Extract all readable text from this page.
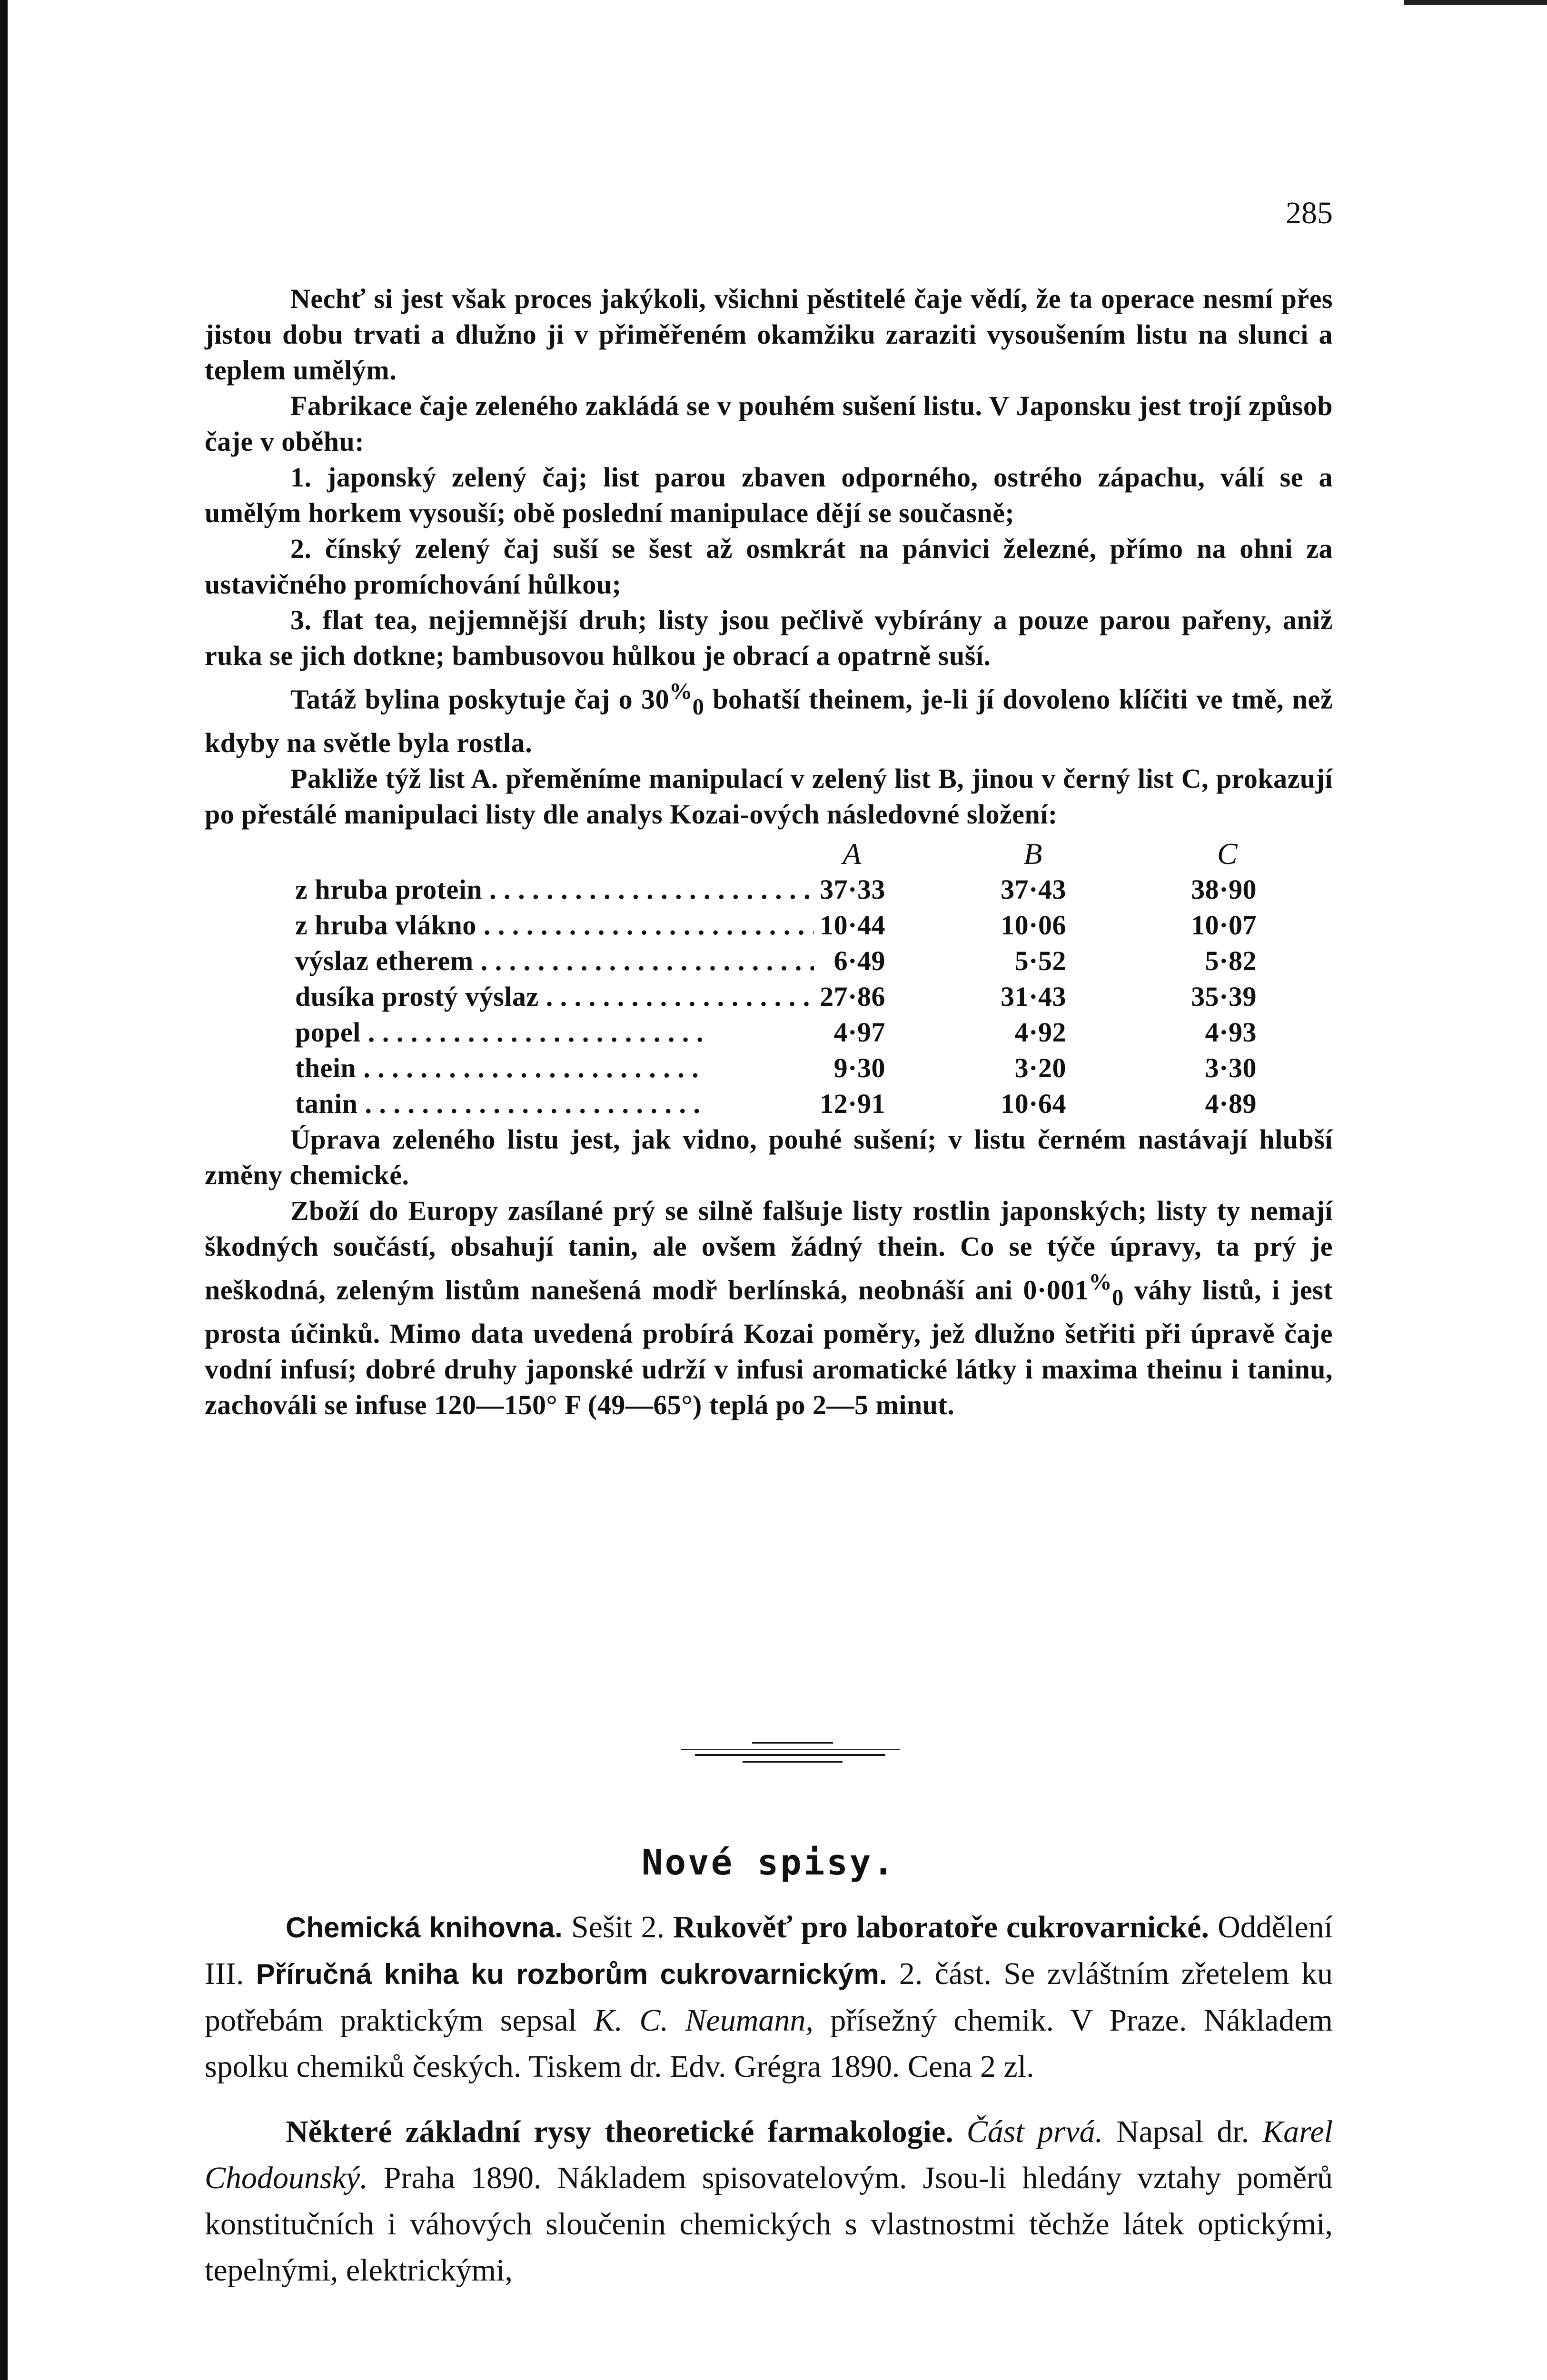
285

Nechť si jest však proces jakýkoli, všichni pěstitelé čaje vědí, že ta operace nesmí přes jistou dobu trvati a dlužno ji v přiměřeném okamžiku zaraziti vysoušením listu na slunci a teplem umělým.

Fabrikace čaje zeleného zakládá se v pouhém sušení listu. V Japonsku jest trojí způsob čaje v oběhu:

1. japonský zelený čaj; list parou zbaven odporného, ostrého zápachu, válí se a umělým horkem vysouší; obě poslední manipulace dějí se současně;

2. čínský zelený čaj suší se šest až osmkrát na pánvici železné, přímo na ohni za ustavičného promíchování hůlkou;

3. flat tea, nejjemnější druh; listy jsou pečlivě vybírány a pouze parou pařeny, aniž ruka se jich dotkne; bambusovou hůlkou je obrací a opatrně suší.

Tatáž bylina poskytuje čaj o $30^{\%}_0$ bohatší theinem, je-li jí dovoleno klíčiti ve tmě, než kdyby na světle byla rostla.

Pakliže týž list A. přeměníme manipulací v zelený list B, jinou v černý list C, prokazují po přestálé manipulaci listy dle analys Kozai-ových následovné složení:

A	B	C
z hruba protein . . .	37·33	37·43	38·90
z hruba vlákno . . .	10·44	10·06	10·07
výslaz etherem . . .	6·49	5·52	5·82
dusíka prostý výslaz . . .	27·86	31·43	35·39
popel . . .	4·97	4·92	4·93
thein . . .	9·30	3·20	3·30
tanin . . .	12·91	10·64	4·89

Úprava zeleného listu jest, jak vidno, pouhé sušení; v listu černém nastávají hlubší změny chemické.

Zboží do Europy zasílané prý se silně falšuje listy rostlin japonských; listy ty nemají škodných součástí, obsahují tanin, ale ovšem žádný thein. Co se týče úpravy, ta prý je neškodná, zeleným listům nanešená modř berlínská, neobnáší ani $0\cdot 001^{\%}_0$ váhy listů, i jest prosta účinků. Mimo data uvedená probírá Kozai poměry, jež dlužno šetřiti při úpravě čaje vodní infusí; dobré druhy japonské udrží v infusi aromatické látky i maxima theinu i taninu, zachováli se infuse 120—150° F (49—65°) teplá po 2—5 minut.

Nové spisy.

Chemická knihovna. Sešit 2. Rukověť pro laboratoře cukrovarnické. Oddělení III. Příručná kniha ku rozborům cukrovarnickým. 2. část. Se zvláštním zřetelem ku potřebám praktickým sepsal K. C. Neumann, přísežný chemik. V Praze. Nákladem spolku chemiků českých. Tiskem dr. Edv. Grégra 1890. Cena 2 zl.

Některé základní rysy theoretické farmakologie. Část prvá. Napsal dr. Karel Chodounský. Praha 1890. Nákladem spisovatelovým. Jsou-li hledány vztahy poměrů konstitučních i váhových sloučenin chemických s vlastnostmi těchže látek optickými, tepelnými, elektrickými,
